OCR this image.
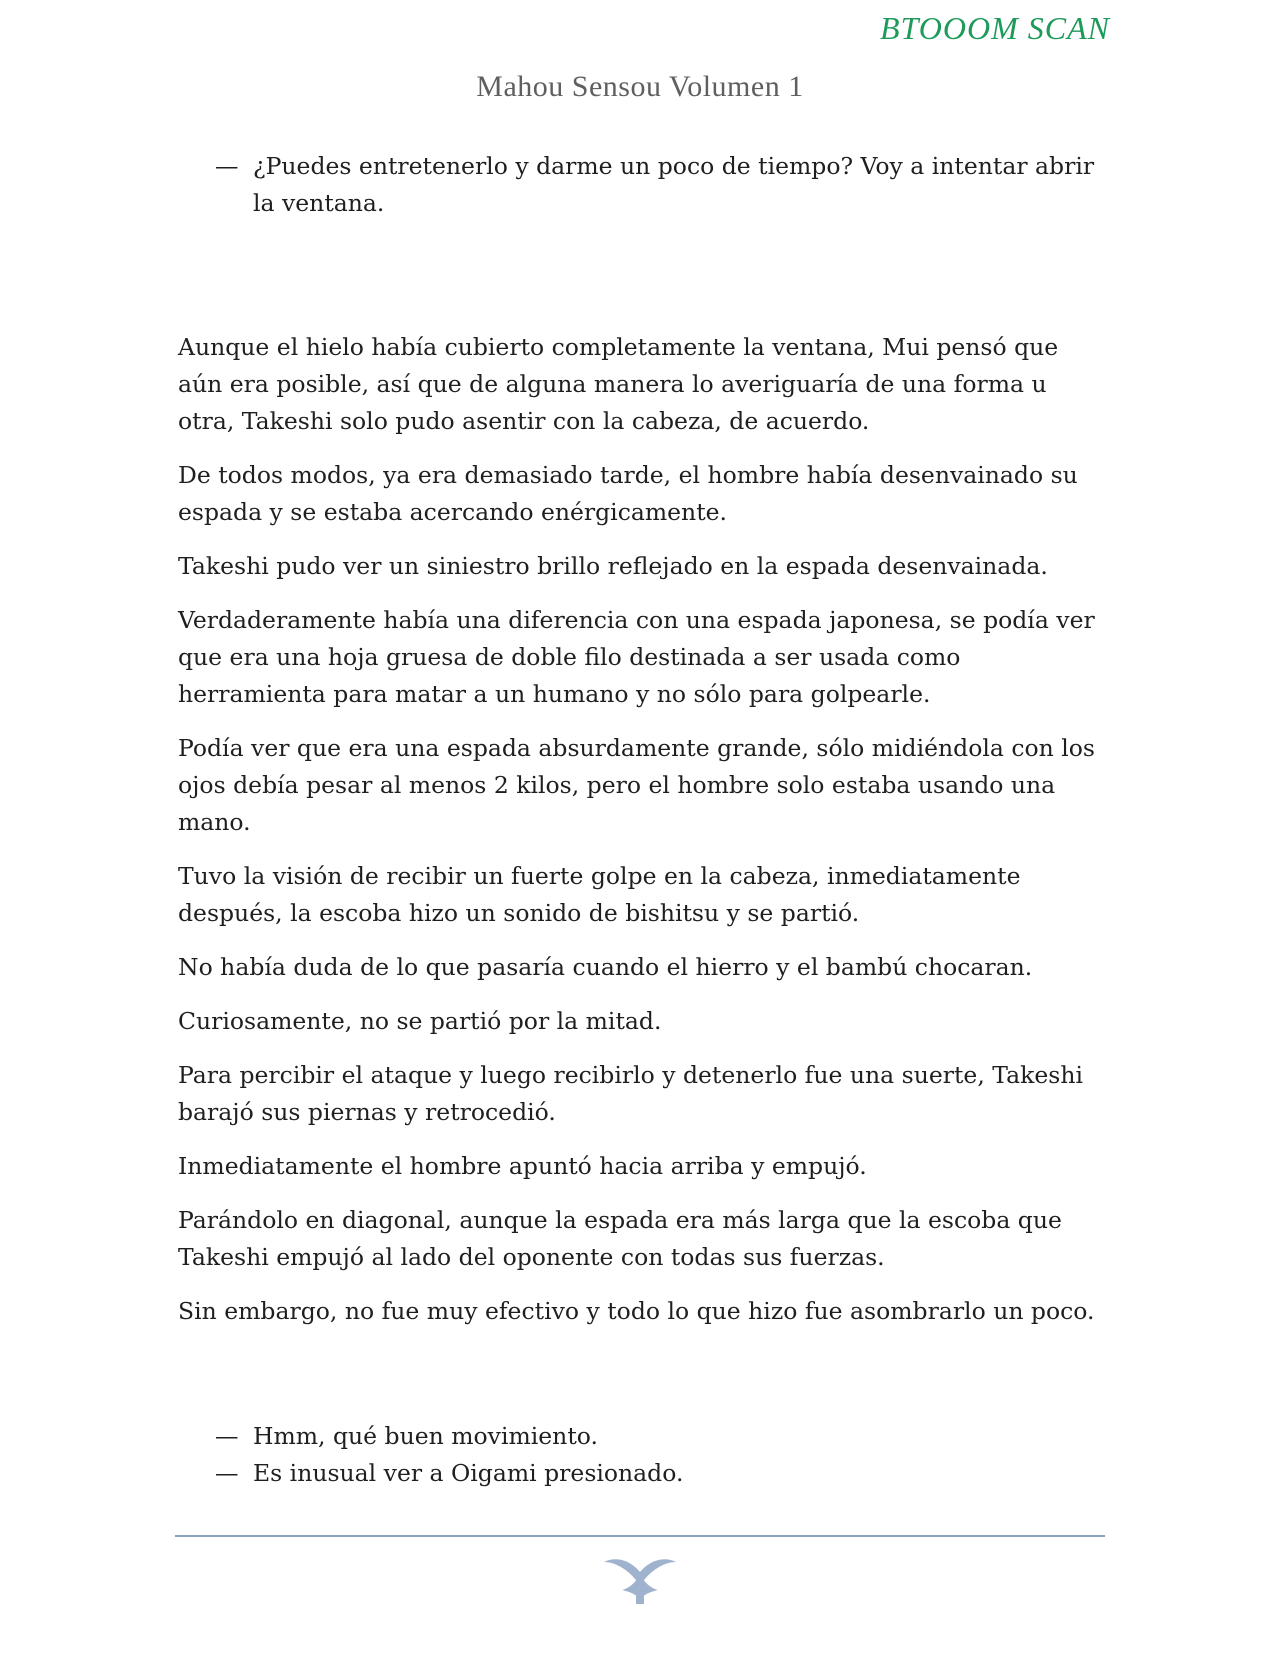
BTOOOM SCAN
Mahou Sensou Volumen 1
— ¿Puedes entretenerlo y darme un poco de tiempo? Voy a intentar abrir la ventana.

Aunque el hielo había cubierto completamente la ventana, Mui pensó que aún era posible, así que de alguna manera lo averiguaría de una forma u otra, Takeshi solo pudo asentir con la cabeza, de acuerdo.

De todos modos, ya era demasiado tarde, el hombre había desenvainado su espada y se estaba acercando enérgicamente.

Takeshi pudo ver un siniestro brillo reflejado en la espada desenvainada.

Verdaderamente había una diferencia con una espada japonesa, se podía ver que era una hoja gruesa de doble filo destinada a ser usada como herramienta para matar a un humano y no sólo para golpearle.

Podía ver que era una espada absurdamente grande, sólo midiéndola con los ojos debía pesar al menos 2 kilos, pero el hombre solo estaba usando una mano.

Tuvo la visión de recibir un fuerte golpe en la cabeza, inmediatamente después, la escoba hizo un sonido de bishitsu y se partió.

No había duda de lo que pasaría cuando el hierro y el bambú chocaran.

Curiosamente, no se partió por la mitad.

Para percibir el ataque y luego recibirlo y detenerlo fue una suerte, Takeshi barajó sus piernas y retrocedió.

Inmediatamente el hombre apuntó hacia arriba y empujó.

Parándolo en diagonal, aunque la espada era más larga que la escoba que Takeshi empujó al lado del oponente con todas sus fuerzas.

Sin embargo, no fue muy efectivo y todo lo que hizo fue asombrarlo un poco.

— Hmm, qué buen movimiento.
— Es inusual ver a Oigami presionado.
